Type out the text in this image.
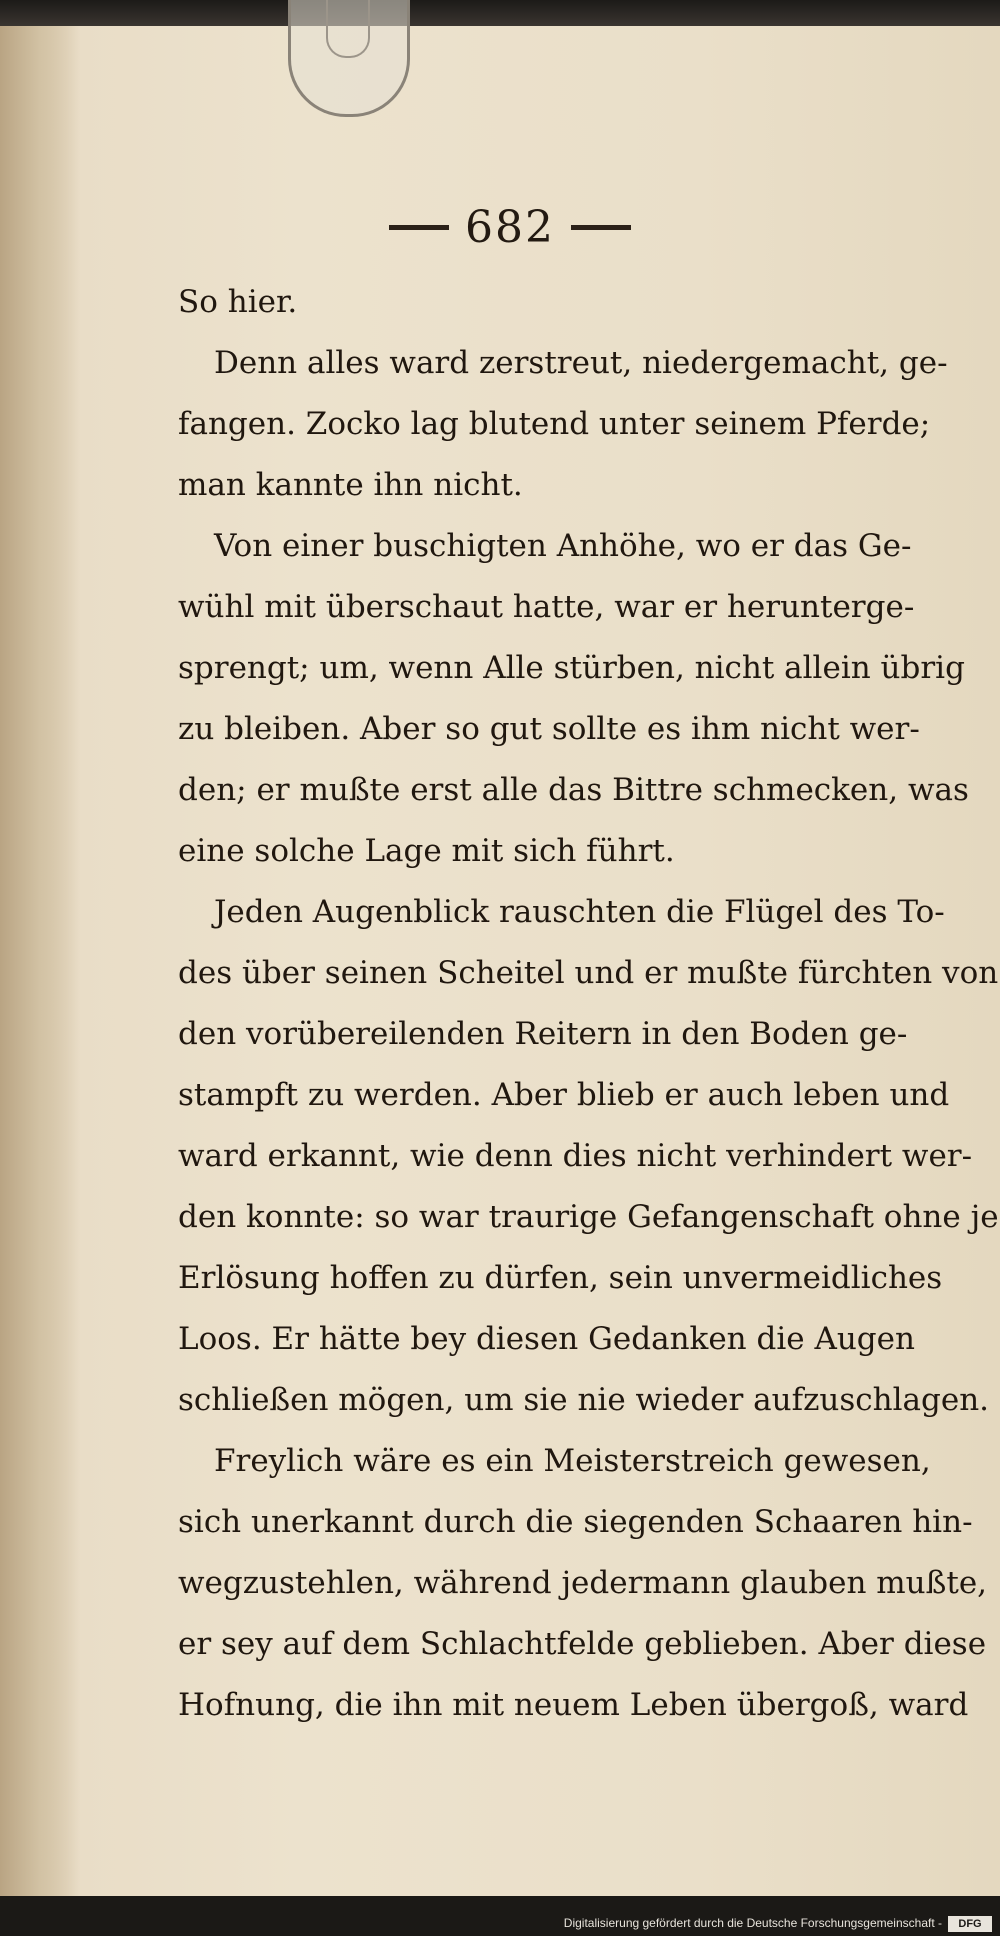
682
So hier.
Denn alles ward zerstreut, niedergemacht, ge-
fangen. Zocko lag blutend unter seinem Pferde;
man kannte ihn nicht.
Von einer buschigten Anhöhe, wo er das Ge-
wühl mit überschaut hatte, war er herunterge-
sprengt; um, wenn Alle stürben, nicht allein übrig
zu bleiben. Aber so gut sollte es ihm nicht wer-
den; er mußte erst alle das Bittre schmecken, was
eine solche Lage mit sich führt.
Jeden Augenblick rauschten die Flügel des To-
des über seinen Scheitel und er mußte fürchten von
den vorübereilenden Reitern in den Boden ge-
stampft zu werden. Aber blieb er auch leben und
ward erkannt, wie denn dies nicht verhindert wer-
den konnte: so war traurige Gefangenschaft ohne je
Erlösung hoffen zu dürfen, sein unvermeidliches
Loos. Er hätte bey diesen Gedanken die Augen
schließen mögen, um sie nie wieder aufzuschlagen.
Freylich wäre es ein Meisterstreich gewesen,
sich unerkannt durch die siegenden Schaaren hin-
wegzustehlen, während jedermann glauben mußte,
er sey auf dem Schlachtfelde geblieben. Aber diese
Hofnung, die ihn mit neuem Leben übergoß, ward
Digitalisierung gefördert durch die Deutsche Forschungsgemeinschaft -	DFG
